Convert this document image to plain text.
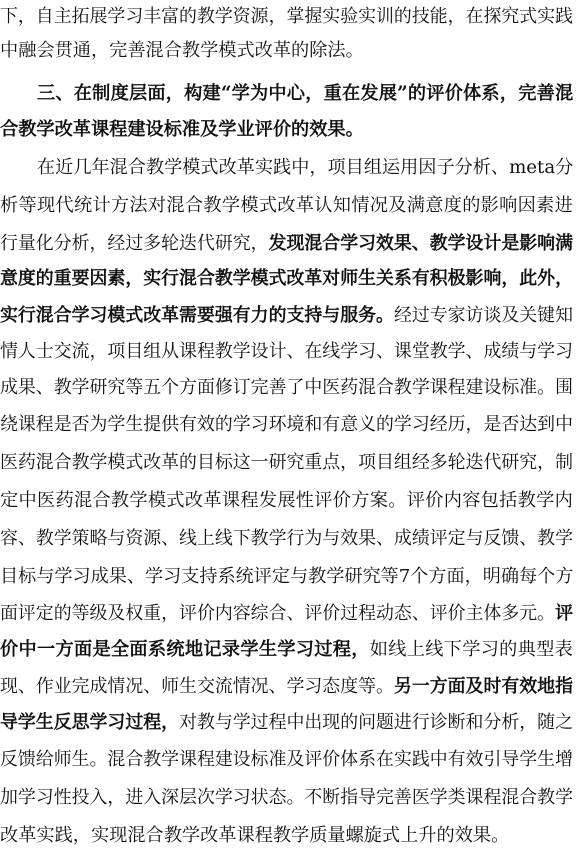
下，自主拓展学习丰富的教学资源，掌握实验实训的技能，在探究式实践
中融会贯通，完善混合教学模式改革的除法。
三、在制度层面，构建“学为中心，重在发展”的评价体系，完善混
合教学改革课程建设标准及学业评价的效果。
在近几年混合教学模式改革实践中，项目组运用因子分析、meta分
析等现代统计方法对混合教学模式改革认知情况及满意度的影响因素进
行量化分析，经过多轮迭代研究，发现混合学习效果、教学设计是影响满
意度的重要因素，实行混合教学模式改革对师生关系有积极影响，此外，
实行混合学习模式改革需要强有力的支持与服务。经过专家访谈及关键知
情人士交流，项目组从课程教学设计、在线学习、课堂教学、成绩与学习
成果、教学研究等五个方面修订完善了中医药混合教学课程建设标准。围
绕课程是否为学生提供有效的学习环境和有意义的学习经历，是否达到中
医药混合教学模式改革的目标这一研究重点，项目组经多轮迭代研究，制
定中医药混合教学模式改革课程发展性评价方案。评价内容包括教学内
容、教学策略与资源、线上线下教学行为与效果、成绩评定与反馈、教学
目标与学习成果、学习支持系统评定与教学研究等7个方面，明确每个方
面评定的等级及权重，评价内容综合、评价过程动态、评价主体多元。评
价中一方面是全面系统地记录学生学习过程，如线上线下学习的典型表
现、作业完成情况、师生交流情况、学习态度等。另一方面及时有效地指
导学生反思学习过程，对教与学过程中出现的问题进行诊断和分析，随之
反馈给师生。混合教学课程建设标准及评价体系在实践中有效引导学生增
加学习性投入，进入深层次学习状态。不断指导完善医学类课程混合教学
改革实践，实现混合教学改革课程教学质量螺旋式上升的效果。
